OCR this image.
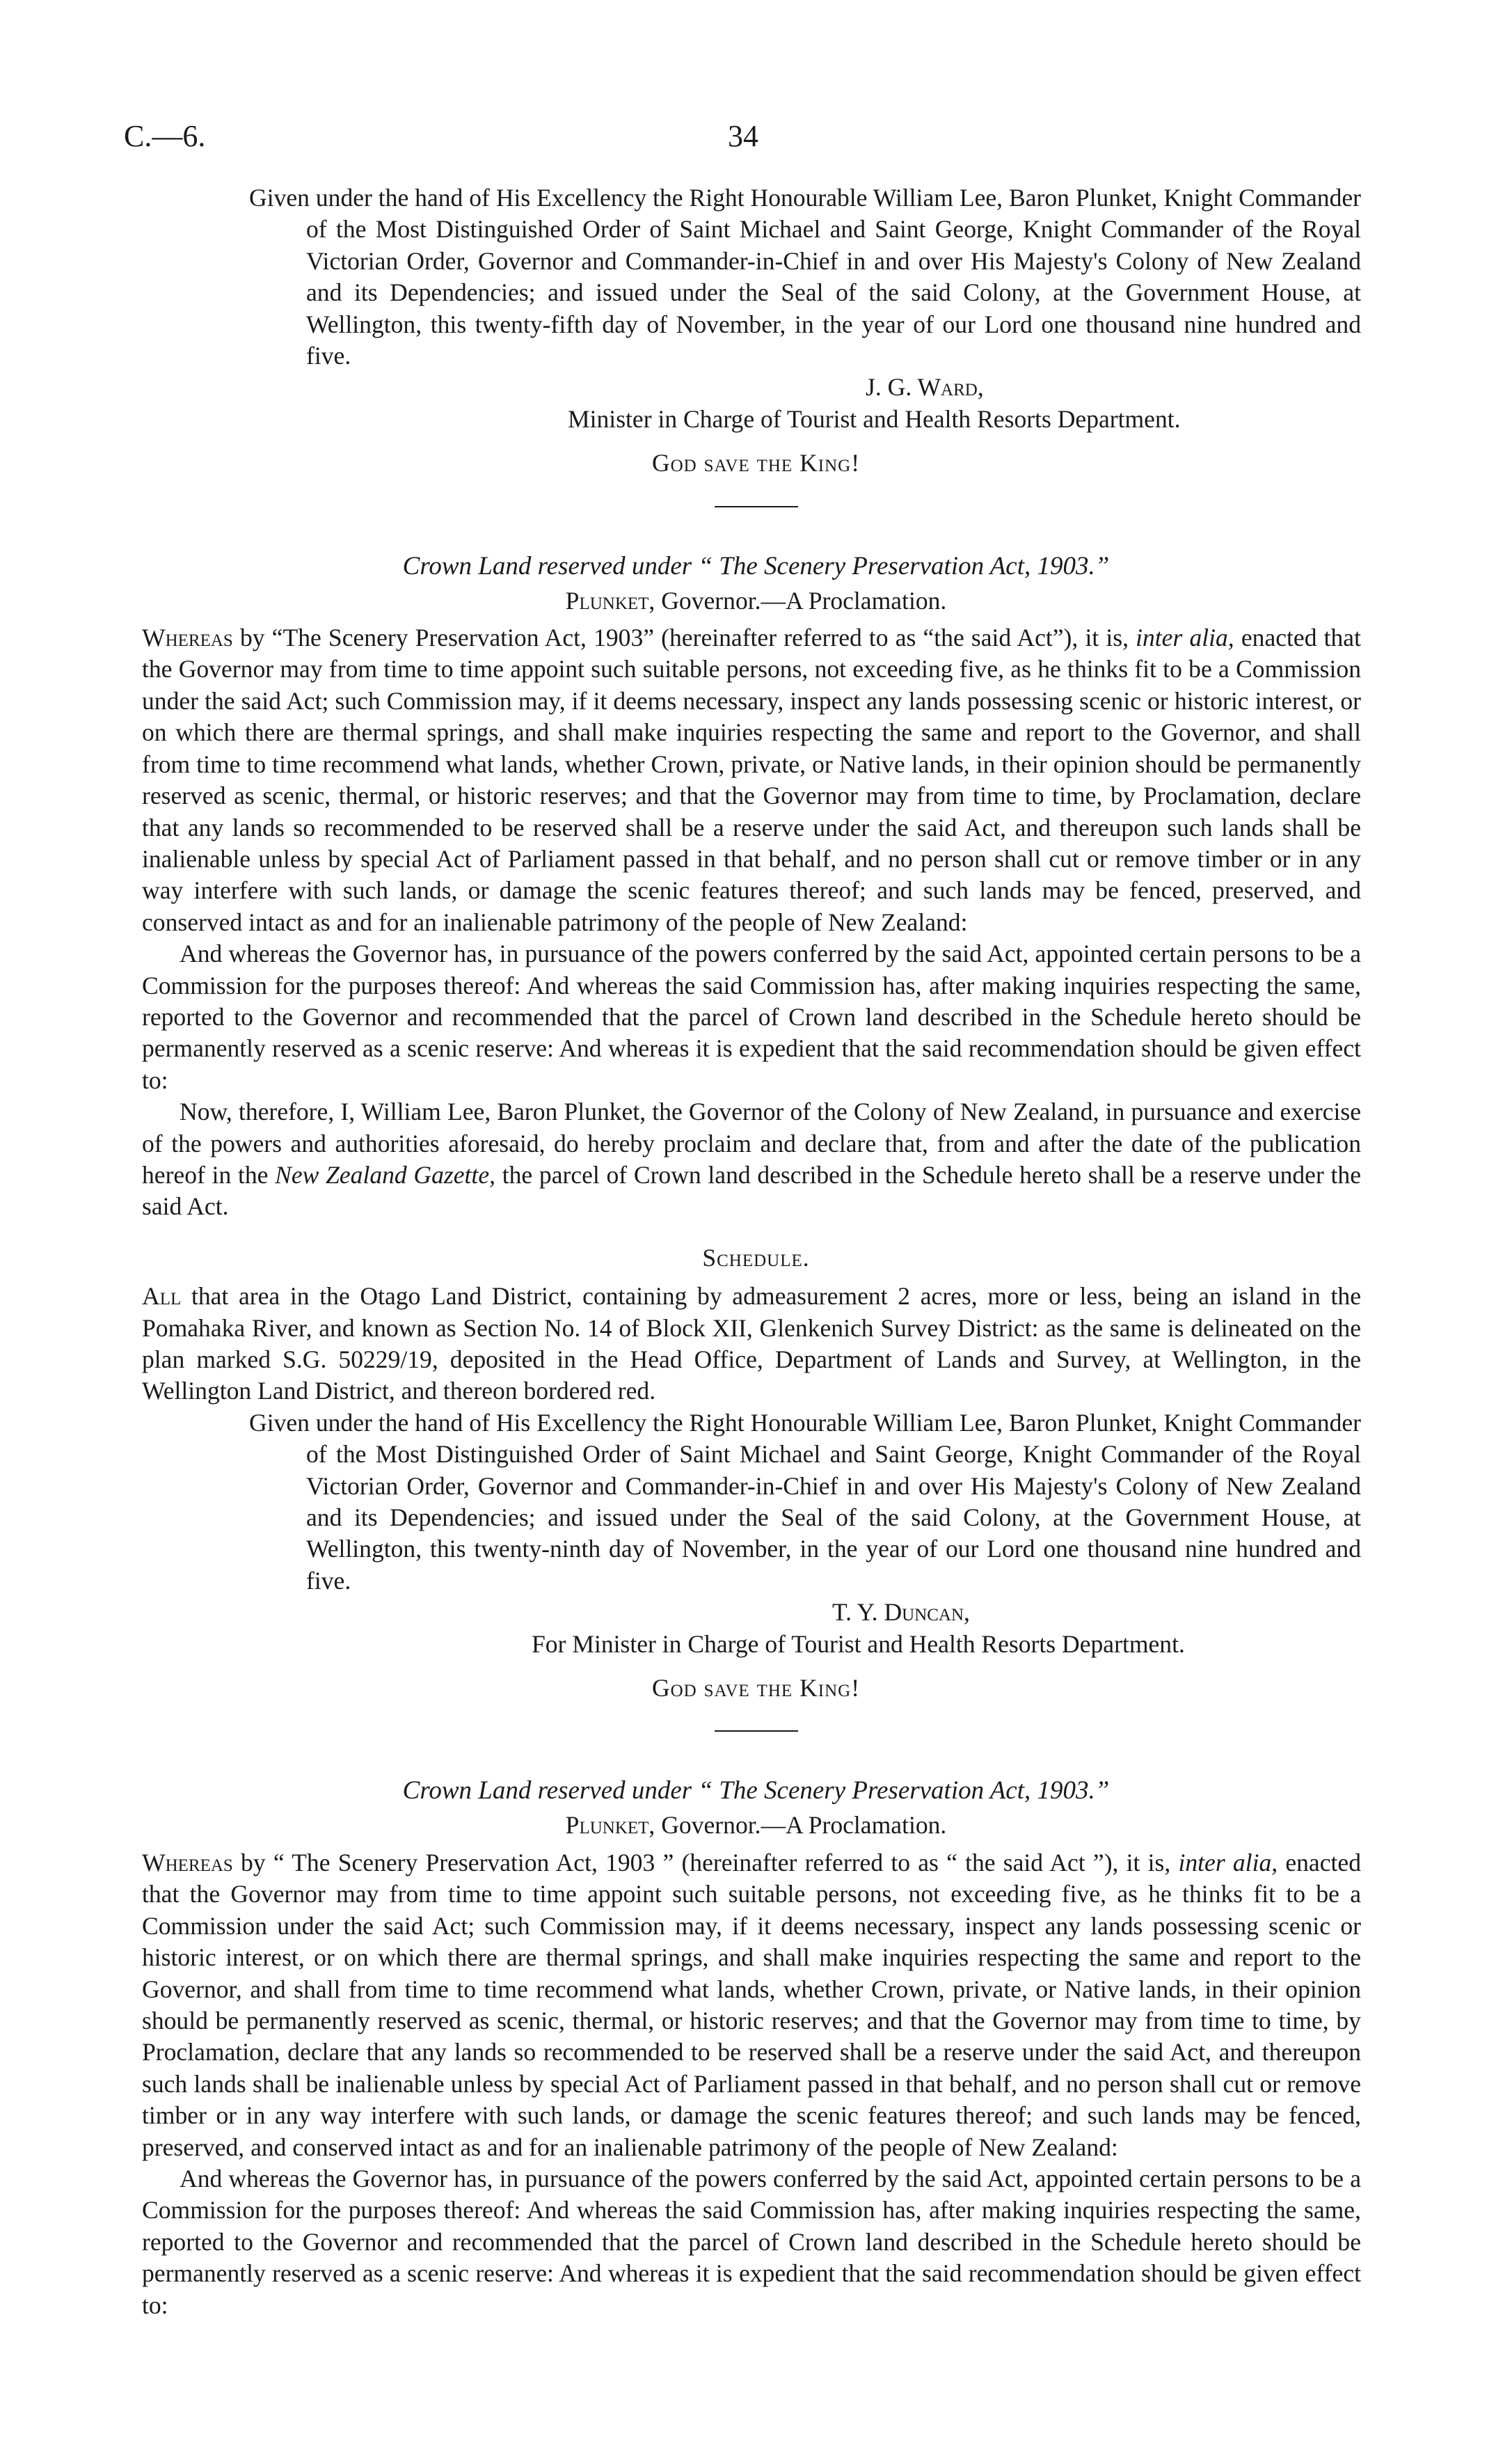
C.—6.	34

Given under the hand of His Excellency the Right Honourable William Lee, Baron Plunket, Knight Commander of the Most Distinguished Order of Saint Michael and Saint George, Knight Commander of the Royal Victorian Order, Governor and Commander-in-Chief in and over His Majesty's Colony of New Zealand and its Dependencies; and issued under the Seal of the said Colony, at the Government House, at Wellington, this twenty-fifth day of November, in the year of our Lord one thousand nine hundred and five.

J. G. Ward,

Minister in Charge of Tourist and Health Resorts Department.

God save the King!

Crown Land reserved under “ The Scenery Preservation Act, 1903.”

Plunket, Governor.—A Proclamation.

Whereas by “The Scenery Preservation Act, 1903” (hereinafter referred to as “the said Act”), it is, inter alia, enacted that the Governor may from time to time appoint such suitable persons, not exceeding five, as he thinks fit to be a Commission under the said Act; such Commission may, if it deems necessary, inspect any lands possessing scenic or historic interest, or on which there are thermal springs, and shall make inquiries respecting the same and report to the Governor, and shall from time to time recommend what lands, whether Crown, private, or Native lands, in their opinion should be permanently reserved as scenic, thermal, or historic reserves; and that the Governor may from time to time, by Proclamation, declare that any lands so recommended to be reserved shall be a reserve under the said Act, and thereupon such lands shall be inalienable unless by special Act of Parliament passed in that behalf, and no person shall cut or remove timber or in any way interfere with such lands, or damage the scenic features thereof; and such lands may be fenced, preserved, and conserved intact as and for an inalienable patrimony of the people of New Zealand:

And whereas the Governor has, in pursuance of the powers conferred by the said Act, appointed certain persons to be a Commission for the purposes thereof: And whereas the said Commission has, after making inquiries respecting the same, reported to the Governor and recommended that the parcel of Crown land described in the Schedule hereto should be permanently reserved as a scenic reserve: And whereas it is expedient that the said recommendation should be given effect to:

Now, therefore, I, William Lee, Baron Plunket, the Governor of the Colony of New Zealand, in pursuance and exercise of the powers and authorities aforesaid, do hereby proclaim and declare that, from and after the date of the publication hereof in the New Zealand Gazette, the parcel of Crown land described in the Schedule hereto shall be a reserve under the said Act.

Schedule.

All that area in the Otago Land District, containing by admeasurement 2 acres, more or less, being an island in the Pomahaka River, and known as Section No. 14 of Block XII, Glenkenich Survey District: as the same is delineated on the plan marked S.G. 50229/19, deposited in the Head Office, Department of Lands and Survey, at Wellington, in the Wellington Land District, and thereon bordered red.

Given under the hand of His Excellency the Right Honourable William Lee, Baron Plunket, Knight Commander of the Most Distinguished Order of Saint Michael and Saint George, Knight Commander of the Royal Victorian Order, Governor and Commander-in-Chief in and over His Majesty's Colony of New Zealand and its Dependencies; and issued under the Seal of the said Colony, at the Government House, at Wellington, this twenty-ninth day of November, in the year of our Lord one thousand nine hundred and five.

T. Y. Duncan,

For Minister in Charge of Tourist and Health Resorts Department.

God save the King!

Crown Land reserved under “ The Scenery Preservation Act, 1903.”

Plunket, Governor.—A Proclamation.

Whereas by “ The Scenery Preservation Act, 1903 ” (hereinafter referred to as “ the said Act ”), it is, inter alia, enacted that the Governor may from time to time appoint such suitable persons, not exceeding five, as he thinks fit to be a Commission under the said Act; such Commission may, if it deems necessary, inspect any lands possessing scenic or historic interest, or on which there are thermal springs, and shall make inquiries respecting the same and report to the Governor, and shall from time to time recommend what lands, whether Crown, private, or Native lands, in their opinion should be permanently reserved as scenic, thermal, or historic reserves; and that the Governor may from time to time, by Proclamation, declare that any lands so recommended to be reserved shall be a reserve under the said Act, and thereupon such lands shall be inalienable unless by special Act of Parliament passed in that behalf, and no person shall cut or remove timber or in any way interfere with such lands, or damage the scenic features thereof; and such lands may be fenced, preserved, and conserved intact as and for an inalienable patrimony of the people of New Zealand:

And whereas the Governor has, in pursuance of the powers conferred by the said Act, appointed certain persons to be a Commission for the purposes thereof: And whereas the said Commission has, after making inquiries respecting the same, reported to the Governor and recommended that the parcel of Crown land described in the Schedule hereto should be permanently reserved as a scenic reserve: And whereas it is expedient that the said recommendation should be given effect to:
